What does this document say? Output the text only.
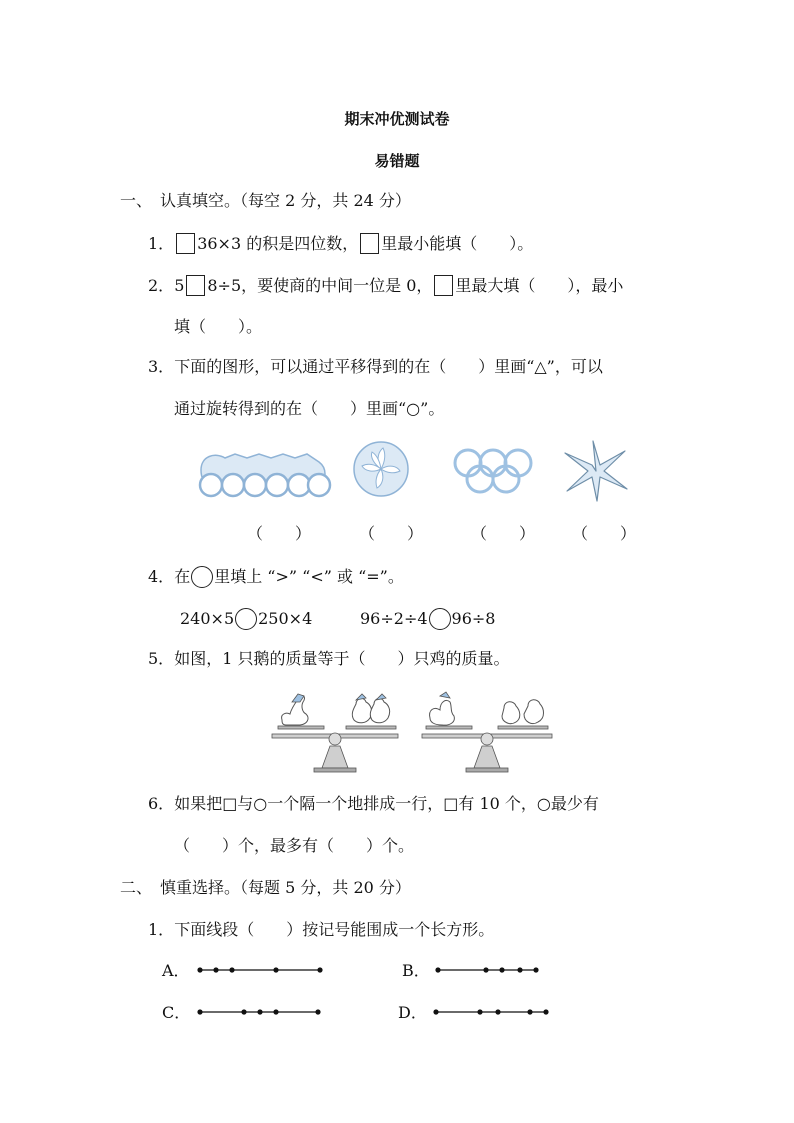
期末冲优测试卷
易错题
一、　认真填空。（每空 2 分，共 24 分）
1． 36×3 的积是四位数， 里最小能填（　　）。
2．5 8÷5，要使商的中间一位是 0， 里最大填（　　），最小
填（　　）。
3．下面的图形，可以通过平移得到的在（　　）里画“△”，可以
通过旋转得到的在（　　）里画“○”。
（　　）	（　　）	（　　） （　　）
4．在 里填上 “>” “<” 或 “=”。
240×5 250×4	96÷2÷4 96÷8
5．如图，1 只鹅的质量等于（　　）只鸡的质量。
6．如果把□与○一个隔一个地排成一行，□有 10 个，○最少有
（　　）个，最多有（　　）个。
二、　慎重选择。（每题 5 分，共 20 分）
1．下面线段（　　）按记号能围成一个长方形。
A．	B．
C．	D．
